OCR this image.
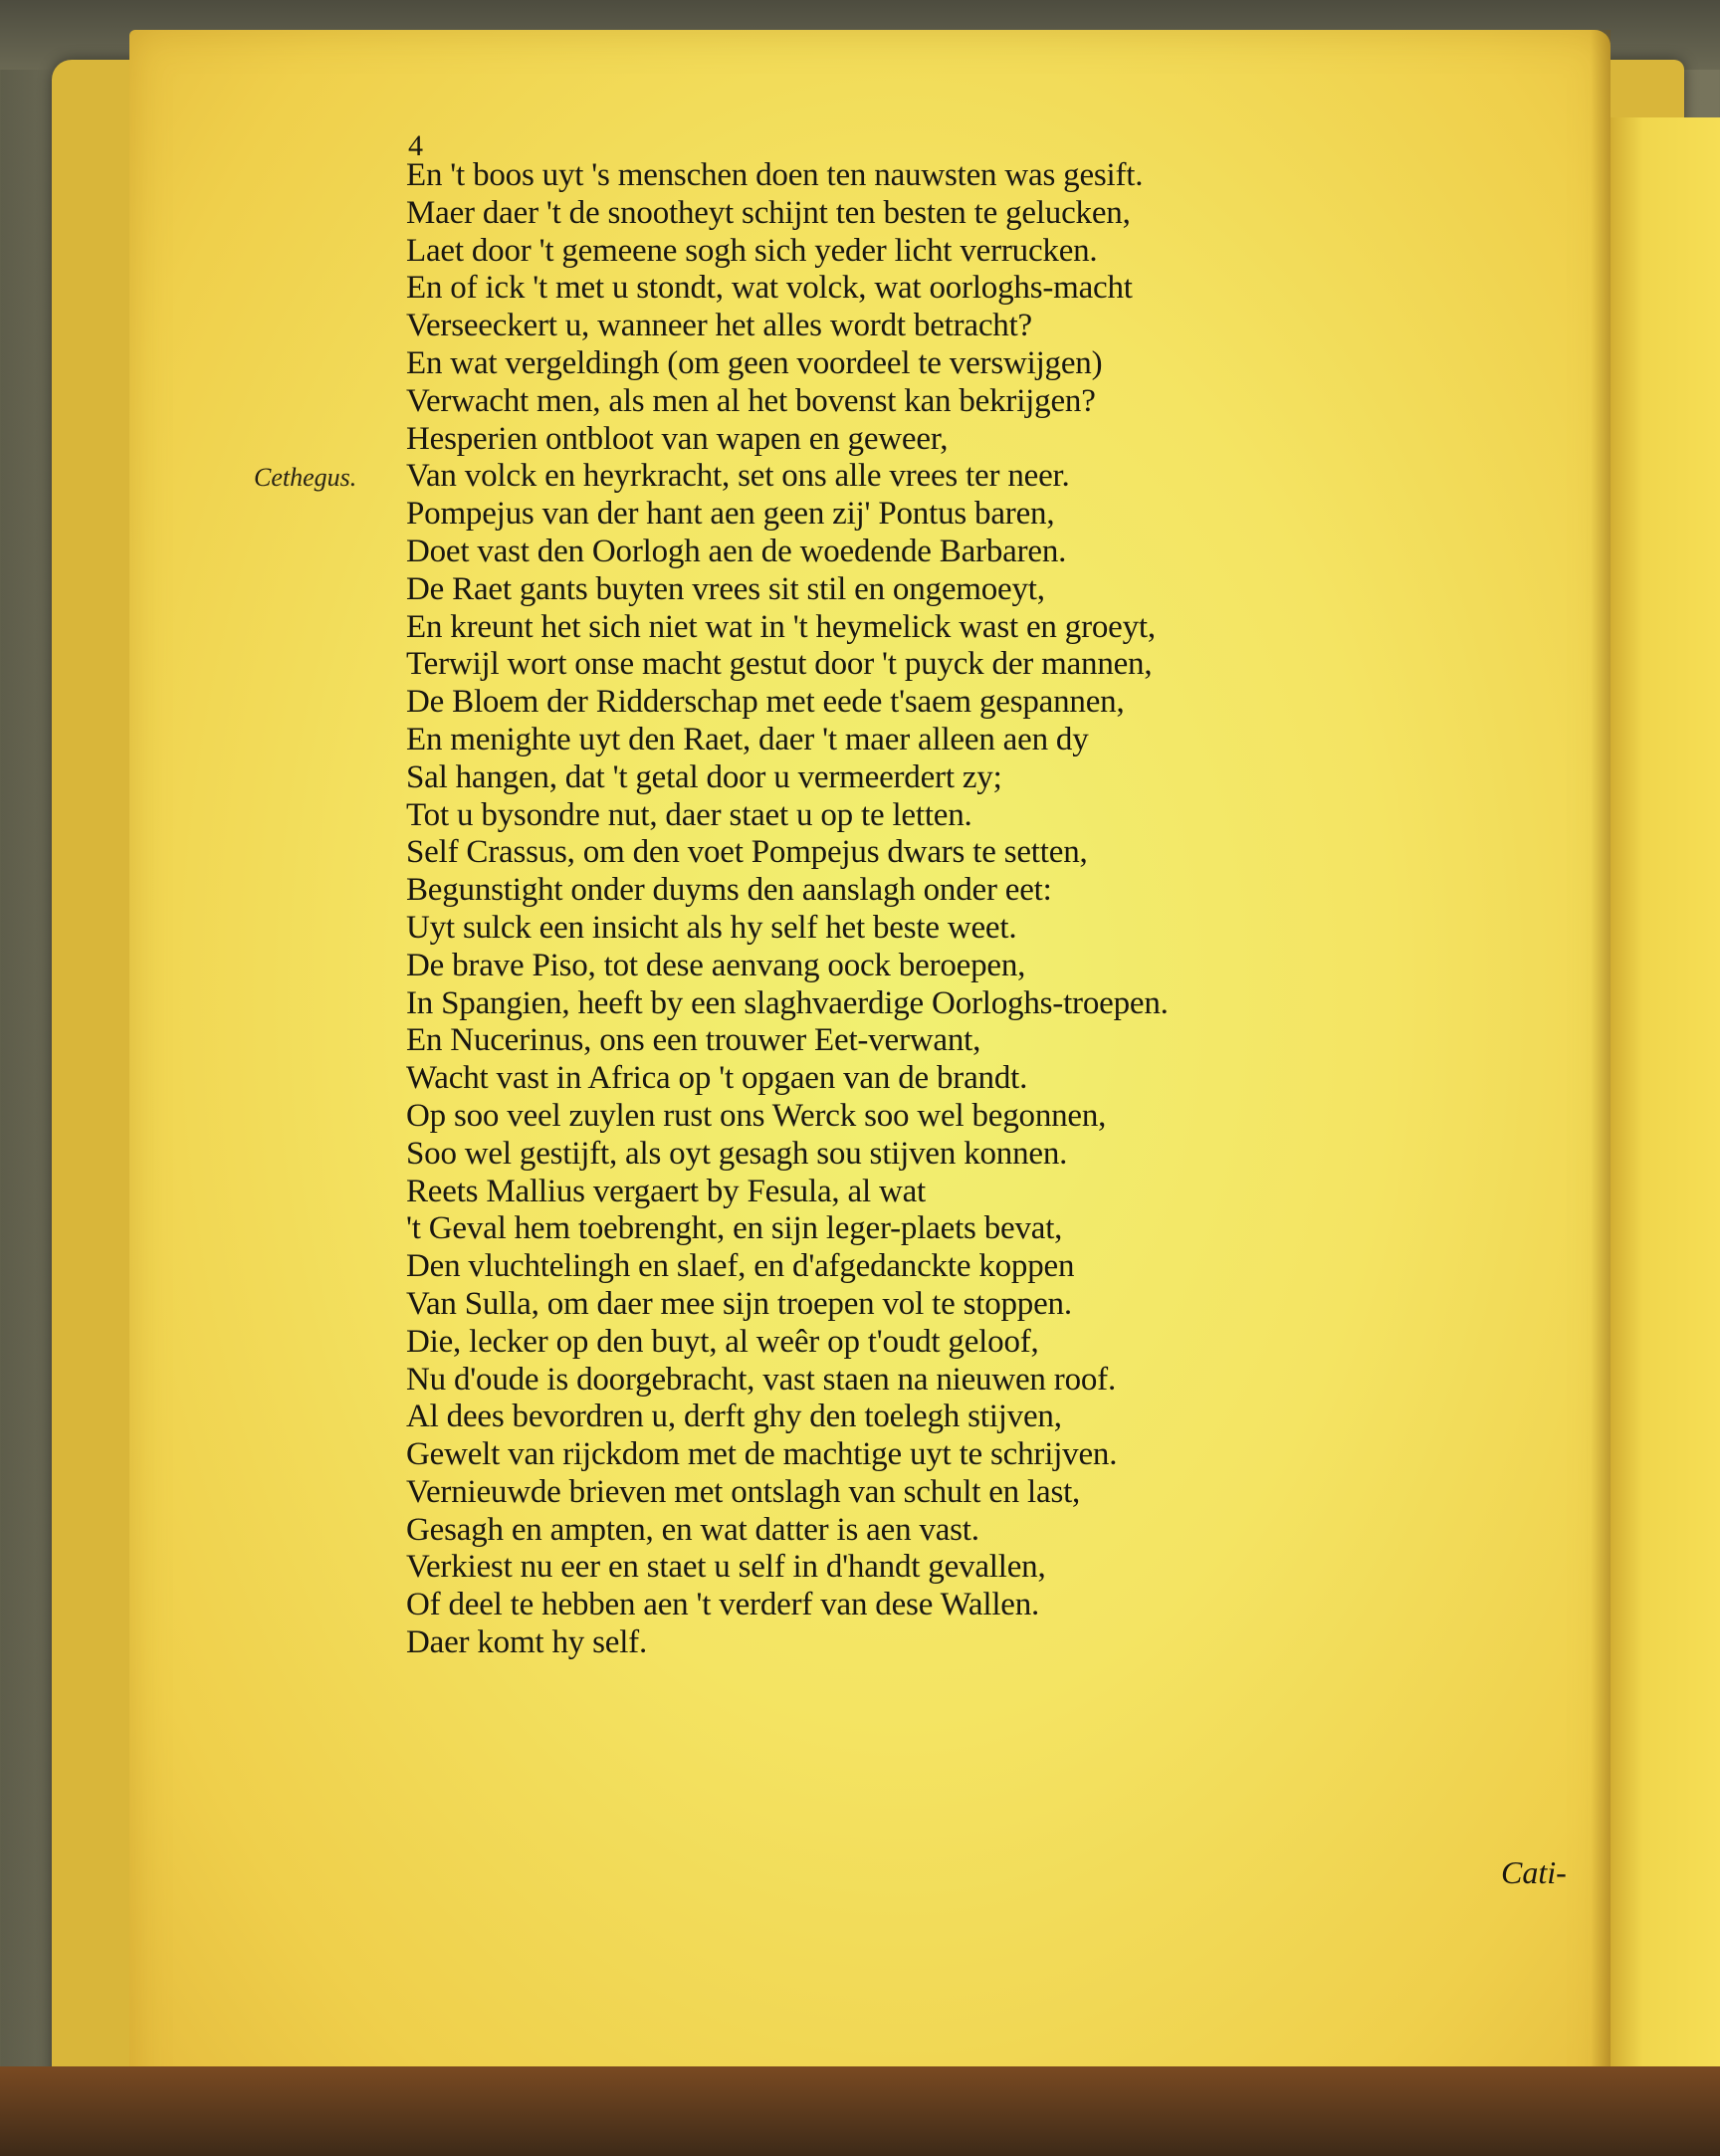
4
Cethegus.
En 't boos uyt 's menschen doen ten nauwsten was gesift.
Maer daer 't de snootheyt schijnt ten besten te gelucken,
Laet door 't gemeene sogh sich yeder licht verrucken.
En of ick 't met u stondt, wat volck, wat oorloghs-macht
Verseeckert u, wanneer het alles wordt betracht?
En wat vergeldingh (om geen voordeel te verswijgen)
Verwacht men, als men al het bovenst kan bekrijgen?
Hesperien ontbloot van wapen en geweer,
Van volck en heyrkracht, set ons alle vrees ter neer.
Pompejus van der hant aen geen zij' Pontus baren,
Doet vast den Oorlogh aen de woedende Barbaren.
De Raet gants buyten vrees sit stil en ongemoeyt,
En kreunt het sich niet wat in 't heymelick wast en groeyt,
Terwijl wort onse macht gestut door 't puyck der mannen,
De Bloem der Ridderschap met eede t'saem gespannen,
En menighte uyt den Raet, daer 't maer alleen aen dy
Sal hangen, dat 't getal door u vermeerdert zy;
Tot u bysondre nut, daer staet u op te letten.
Self Crassus, om den voet Pompejus dwars te setten,
Begunstight onder duyms den aanslagh onder eet:
Uyt sulck een insicht als hy self het beste weet.
De brave Piso, tot dese aenvang oock beroepen,
In Spangien, heeft by een slaghvaerdige Oorloghs-troepen.
En Nucerinus, ons een trouwer Eet-verwant,
Wacht vast in Africa op 't opgaen van de brandt.
Op soo veel zuylen rust ons Werck soo wel begonnen,
Soo wel gestijft, als oyt gesagh sou stijven konnen.
Reets Mallius vergaert by Fesula, al wat
't Geval hem toebrenght, en sijn leger-plaets bevat,
Den vluchtelingh en slaef, en d'afgedanckte koppen
Van Sulla, om daer mee sijn troepen vol te stoppen.
Die, lecker op den buyt, al weêr op t'oudt geloof,
Nu d'oude is doorgebracht, vast staen na nieuwen roof.
Al dees bevordren u, derft ghy den toelegh stijven,
Gewelt van rijckdom met de machtige uyt te schrijven.
Vernieuwde brieven met ontslagh van schult en last,
Gesagh en ampten, en wat datter is aen vast.
Verkiest nu eer en staet u self in d'handt gevallen,
Of deel te hebben aen 't verderf van dese Wallen.
Daer komt hy self.
Cati-
